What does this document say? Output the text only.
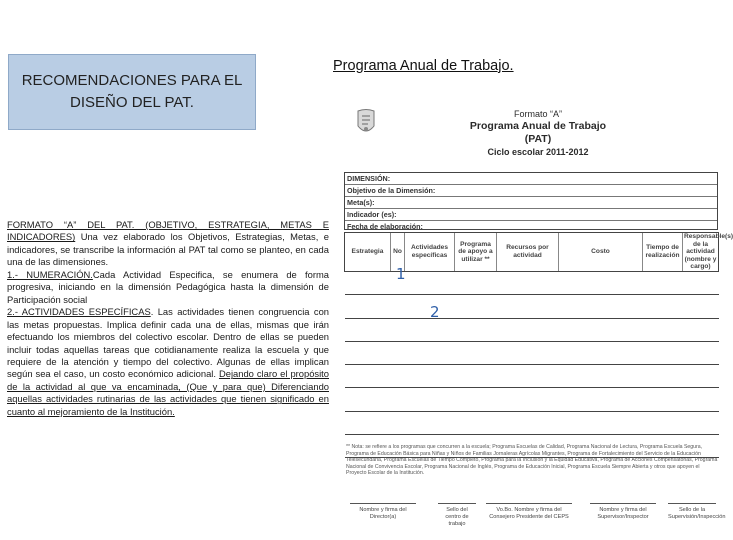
RECOMENDACIONES PARA EL
DISEÑO DEL PAT.
Programa Anual de Trabajo.

FORMATO “A” DEL PAT. (OBJETIVO, ESTRATEGIA, METAS E INDICADORES) Una vez elaborado los Objetivos, Estrategias, Metas, e indicadores, se transcribe la información al PAT tal como se planteo, en cada una de las dimensiones.

1.- NUMERACIÓN.Cada Actividad Especifica, se enumera de forma progresiva, iniciando en la dimensión Pedagógica hasta la dimensión de Participación social

2.- ACTIVIDADES ESPECÍFICAS. Las actividades tienen congruencia con las metas propuestas. Implica definir cada una de ellas, mismas que irán efectuando los miembros del colectivo escolar. Dentro de ellas se pueden incluir todas aquellas tareas que cotidianamente realiza la escuela y que requiere de la atención y tiempo del colectivo. Algunas de ellas implican según sea el caso, un costo económico adicional. Dejando claro el propósito de la actividad al que va encaminada, (Que y para que) Diferenciando aquellas actividades rutinarias de las actividades que tienen significado en cuanto al mejoramiento de la Institución.

Formato “A”
Programa Anual de Trabajo (PAT)
Ciclo escolar 2011-2012
DIMENSIÓN:
Objetivo de la Dimensión:
Meta(s):
Indicador (es):
Fecha de elaboración:
Estrategia	No	Actividades específicas	Programa de apoyo a utilizar **	Recursos por actividad	Costo	Tiempo de realización	Responsable(s) de la actividad (nombre y cargo)

1
2
** Nota: se refiere a los programas que concurren a la escuela; Programa Escuelas de Calidad, Programa Nacional de Lectura, Programa Escuela Segura, Programa de Educación Básica para Niñas y Niños de Familias Jornaleras Agrícolas Migrantes, Programa de Fortalecimiento del Servicio de la Educación Telesecundaria, Programa Escuelas de Tiempo Completo, Programa para la Inclusión y la Equidad Educativa, Programa de Acciones Compensatorias, Programa Nacional de Convivencia Escolar, Programa Nacional de Inglés, Programa de Educación Inicial, Programa Escuela Siempre Abierta y otros que apoyen el Proyecto Escolar de la Institución.
Nombre y firma del Director(a)
Sello del centro de trabajo
Vo.Bo. Nombre y firma del Consejero Presidente del CEPS
Nombre y firma del Supervisor/Inspector
Sello de la Supervisión/Inspección
